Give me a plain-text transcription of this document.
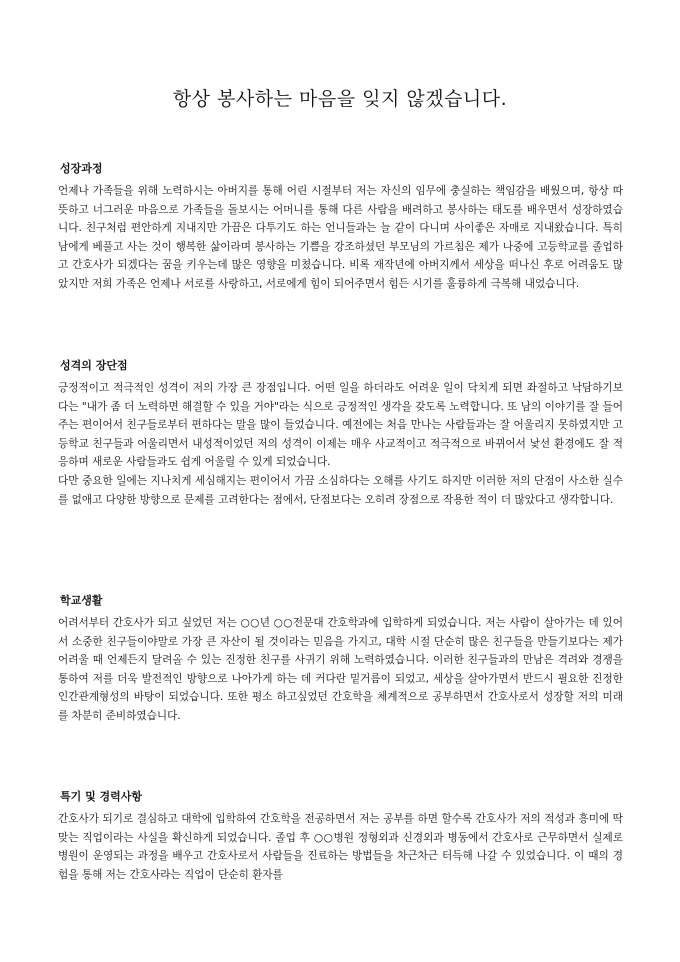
항상 봉사하는 마음을 잊지 않겠습니다.
성장과정

언제나 가족들을 위해 노력하시는 아버지를 통해 어린 시절부터 저는 자신의 임무에 충실하는 책임감을 배웠으며, 항상 따뜻하고 너그러운 마음으로 가족들을 돌보시는 어머니를 통해 다른 사람을 배려하고 봉사하는 태도를 배우면서 성장하였습니다. 친구처럼 편안하게 지내지만 가끔은 다투기도 하는 언니들과는 늘 같이 다니며 사이좋은 자매로 지내왔습니다. 특히 남에게 베풀고 사는 것이 행복한 삶이라며 봉사하는 기쁨을 강조하셨던 부모님의 가르침은 제가 나중에 고등학교를 졸업하고 간호사가 되겠다는 꿈을 키우는데 많은 영향을 미쳤습니다. 비록 재작년에 아버지께서 세상을 떠나신 후로 어려움도 많았지만 저희 가족은 언제나 서로를 사랑하고, 서로에게 힘이 되어주면서 힘든 시기를 훌륭하게 극복해 내었습니다.

성격의 장단점

긍정적이고 적극적인 성격이 저의 가장 큰 장점입니다. 어떤 일을 하더라도 어려운 일이 닥치게 되면 좌절하고 낙담하기보다는 "내가 좀 더 노력하면 해결할 수 있을 거야"라는 식으로 긍정적인 생각을 갖도록 노력합니다. 또 남의 이야기를 잘 들어주는 편이어서 친구들로부터 편하다는 말을 많이 들었습니다. 예전에는 처음 만나는 사람들과는 잘 어울리지 못하였지만 고등학교 친구들과 어울리면서 내성적이었던 저의 성격이 이제는 매우 사교적이고 적극적으로 바뀌어서 낯선 환경에도 잘 적응하며 새로운 사람들과도 쉽게 어울릴 수 있게 되었습니다.

다만 중요한 일에는 지나치게 세심해지는 편이어서 가끔 소심하다는 오해를 사기도 하지만 이러한 저의 단점이 사소한 실수를 없애고 다양한 방향으로 문제를 고려한다는 점에서, 단점보다는 오히려 장점으로 작용한 적이 더 많았다고 생각합니다.

학교생활

어려서부터 간호사가 되고 싶었던 저는 ○○년 ○○전문대 간호학과에 입학하게 되었습니다. 저는 사람이 살아가는 데 있어서 소중한 친구들이야말로 가장 큰 자산이 될 것이라는 믿음을 가지고, 대학 시절 단순히 많은 친구들을 만들기보다는 제가 어려울 때 언제든지 달려올 수 있는 진정한 친구를 사귀기 위해 노력하였습니다. 이러한 친구들과의 만남은 격려와 경쟁을 통하여 저를 더욱 발전적인 방향으로 나아가게 하는 데 커다란 밑거름이 되었고, 세상을 살아가면서 반드시 필요한 진정한 인간관계형성의 바탕이 되었습니다. 또한 평소 하고싶었던 간호학을 체계적으로 공부하면서 간호사로서 성장할 저의 미래를 차분히 준비하였습니다.

특기 및 경력사항

간호사가 되기로 결심하고 대학에 입학하여 간호학을 전공하면서 저는 공부를 하면 할수록 간호사가 저의 적성과 흥미에 딱 맞는 직업이라는 사실을 확신하게 되었습니다. 졸업 후 ○○병원 정형외과 신경외과 병동에서 간호사로 근무하면서 실제로 병원이 운영되는 과정을 배우고 간호사로서 사람들을 진료하는 방법들을 차근차근 터득해 나갈 수 있었습니다. 이 때의 경험을 통해 저는 간호사라는 직업이 단순히 환자를
